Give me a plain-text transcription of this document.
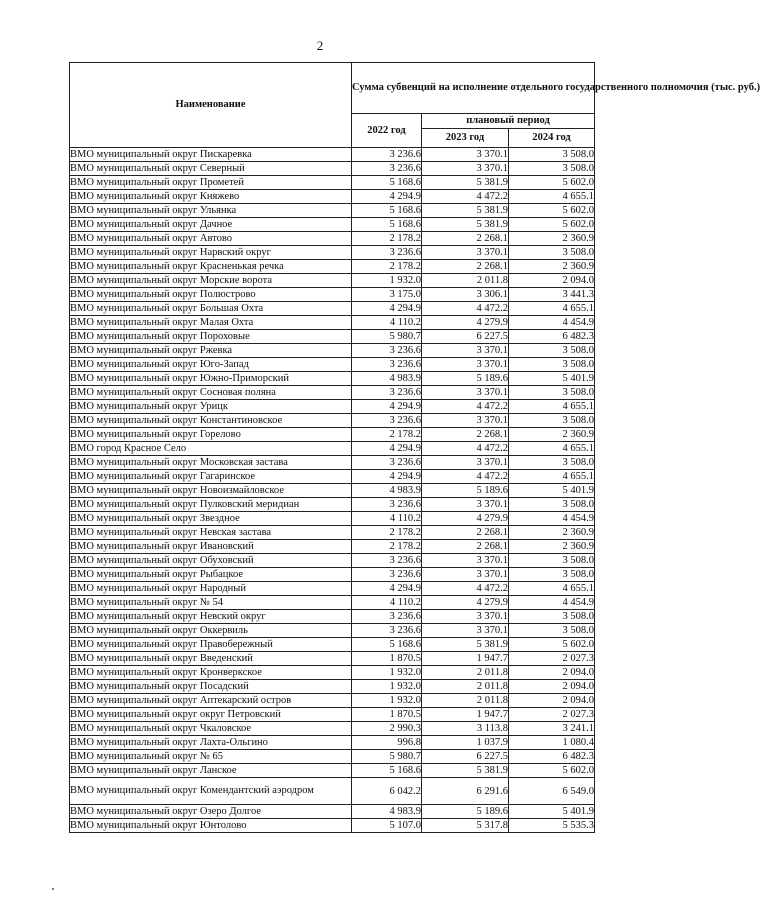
2
Наименование	Сумма субвенций на исполнение отдельного государственного полномочия (тыс. руб.)		
	2022 год	плановый период	
		2023 год	2024 год
ВМО муниципальный округ Пискаревка	3 236.6	3 370.1	3 508.0
ВМО муниципальный округ Северный	3 236.6	3 370.1	3 508.0
ВМО муниципальный округ Прометей	5 168.6	5 381.9	5 602.0
ВМО муниципальный округ Княжево	4 294.9	4 472.2	4 655.1
ВМО муниципальный округ Ульянка	5 168.6	5 381.9	5 602.0
ВМО муниципальный округ Дачное	5 168.6	5 381.9	5 602.0
ВМО муниципальный округ Автово	2 178.2	2 268.1	2 360.9
ВМО муниципальный округ Нарвский округ	3 236.6	3 370.1	3 508.0
ВМО муниципальный округ Красненькая речка	2 178.2	2 268.1	2 360.9
ВМО муниципальный округ Морские ворота	1 932.0	2 011.8	2 094.0
ВМО муниципальный округ Полюстрово	3 175.0	3 306.1	3 441.3
ВМО муниципальный округ Большая Охта	4 294.9	4 472.2	4 655.1
ВМО муниципальный округ Малая Охта	4 110.2	4 279.9	4 454.9
ВМО муниципальный округ Пороховые	5 980.7	6 227.5	6 482.3
ВМО муниципальный округ Ржевка	3 236.6	3 370.1	3 508.0
ВМО муниципальный округ Юго-Запад	3 236.6	3 370.1	3 508.0
ВМО муниципальный округ Южно-Приморский	4 983.9	5 189.6	5 401.9
ВМО муниципальный округ Сосновая поляна	3 236.6	3 370.1	3 508.0
ВМО муниципальный округ Урицк	4 294.9	4 472.2	4 655.1
ВМО муниципальный округ Константиновское	3 236.6	3 370.1	3 508.0
ВМО муниципальный округ Горелово	2 178.2	2 268.1	2 360.9
ВМО город Красное Село	4 294.9	4 472.2	4 655.1
ВМО муниципальный округ Московская застава	3 236.6	3 370.1	3 508.0
ВМО муниципальный округ Гагаринское	4 294.9	4 472.2	4 655.1
ВМО муниципальный округ Новоизмайловское	4 983.9	5 189.6	5 401.9
ВМО муниципальный округ Пулковский меридиан	3 236.6	3 370.1	3 508.0
ВМО муниципальный округ Звездное	4 110.2	4 279.9	4 454.9
ВМО муниципальный округ Невская застава	2 178.2	2 268.1	2 360.9
ВМО муниципальный округ Ивановский	2 178.2	2 268.1	2 360.9
ВМО муниципальный округ Обуховский	3 236.6	3 370.1	3 508.0
ВМО муниципальный округ Рыбацкое	3 236.6	3 370.1	3 508.0
ВМО муниципальный округ Народный	4 294.9	4 472.2	4 655.1
ВМО муниципальный округ № 54	4 110.2	4 279.9	4 454.9
ВМО муниципальный округ Невский округ	3 236.6	3 370.1	3 508.0
ВМО муниципальный округ Оккервиль	3 236.6	3 370.1	3 508.0
ВМО муниципальный округ Правобережный	5 168.6	5 381.9	5 602.0
ВМО муниципальный округ Введенский	1 870.5	1 947.7	2 027.3
ВМО муниципальный округ Кронверкское	1 932.0	2 011.8	2 094.0
ВМО муниципальный округ Посадский	1 932.0	2 011.8	2 094.0
ВМО муниципальный округ Аптекарский остров	1 932.0	2 011.8	2 094.0
ВМО муниципальный округ округ Петровский	1 870.5	1 947.7	2 027.3
ВМО муниципальный округ Чкаловское	2 990.3	3 113.8	3 241.1
ВМО муниципальный округ Лахта-Ольгино	996.8	1 037.9	1 080.4
ВМО муниципальный округ № 65	5 980.7	6 227.5	6 482.3
ВМО муниципальный округ Ланское	5 168.6	5 381.9	5 602.0
ВМО муниципальный округ Комендантский аэродром	6 042.2	6 291.6	6 549.0
ВМО муниципальный округ Озеро Долгое	4 983.9	5 189.6	5 401.9
ВМО муниципальный округ Юнтолово	5 107.0	5 317.8	5 535.3
